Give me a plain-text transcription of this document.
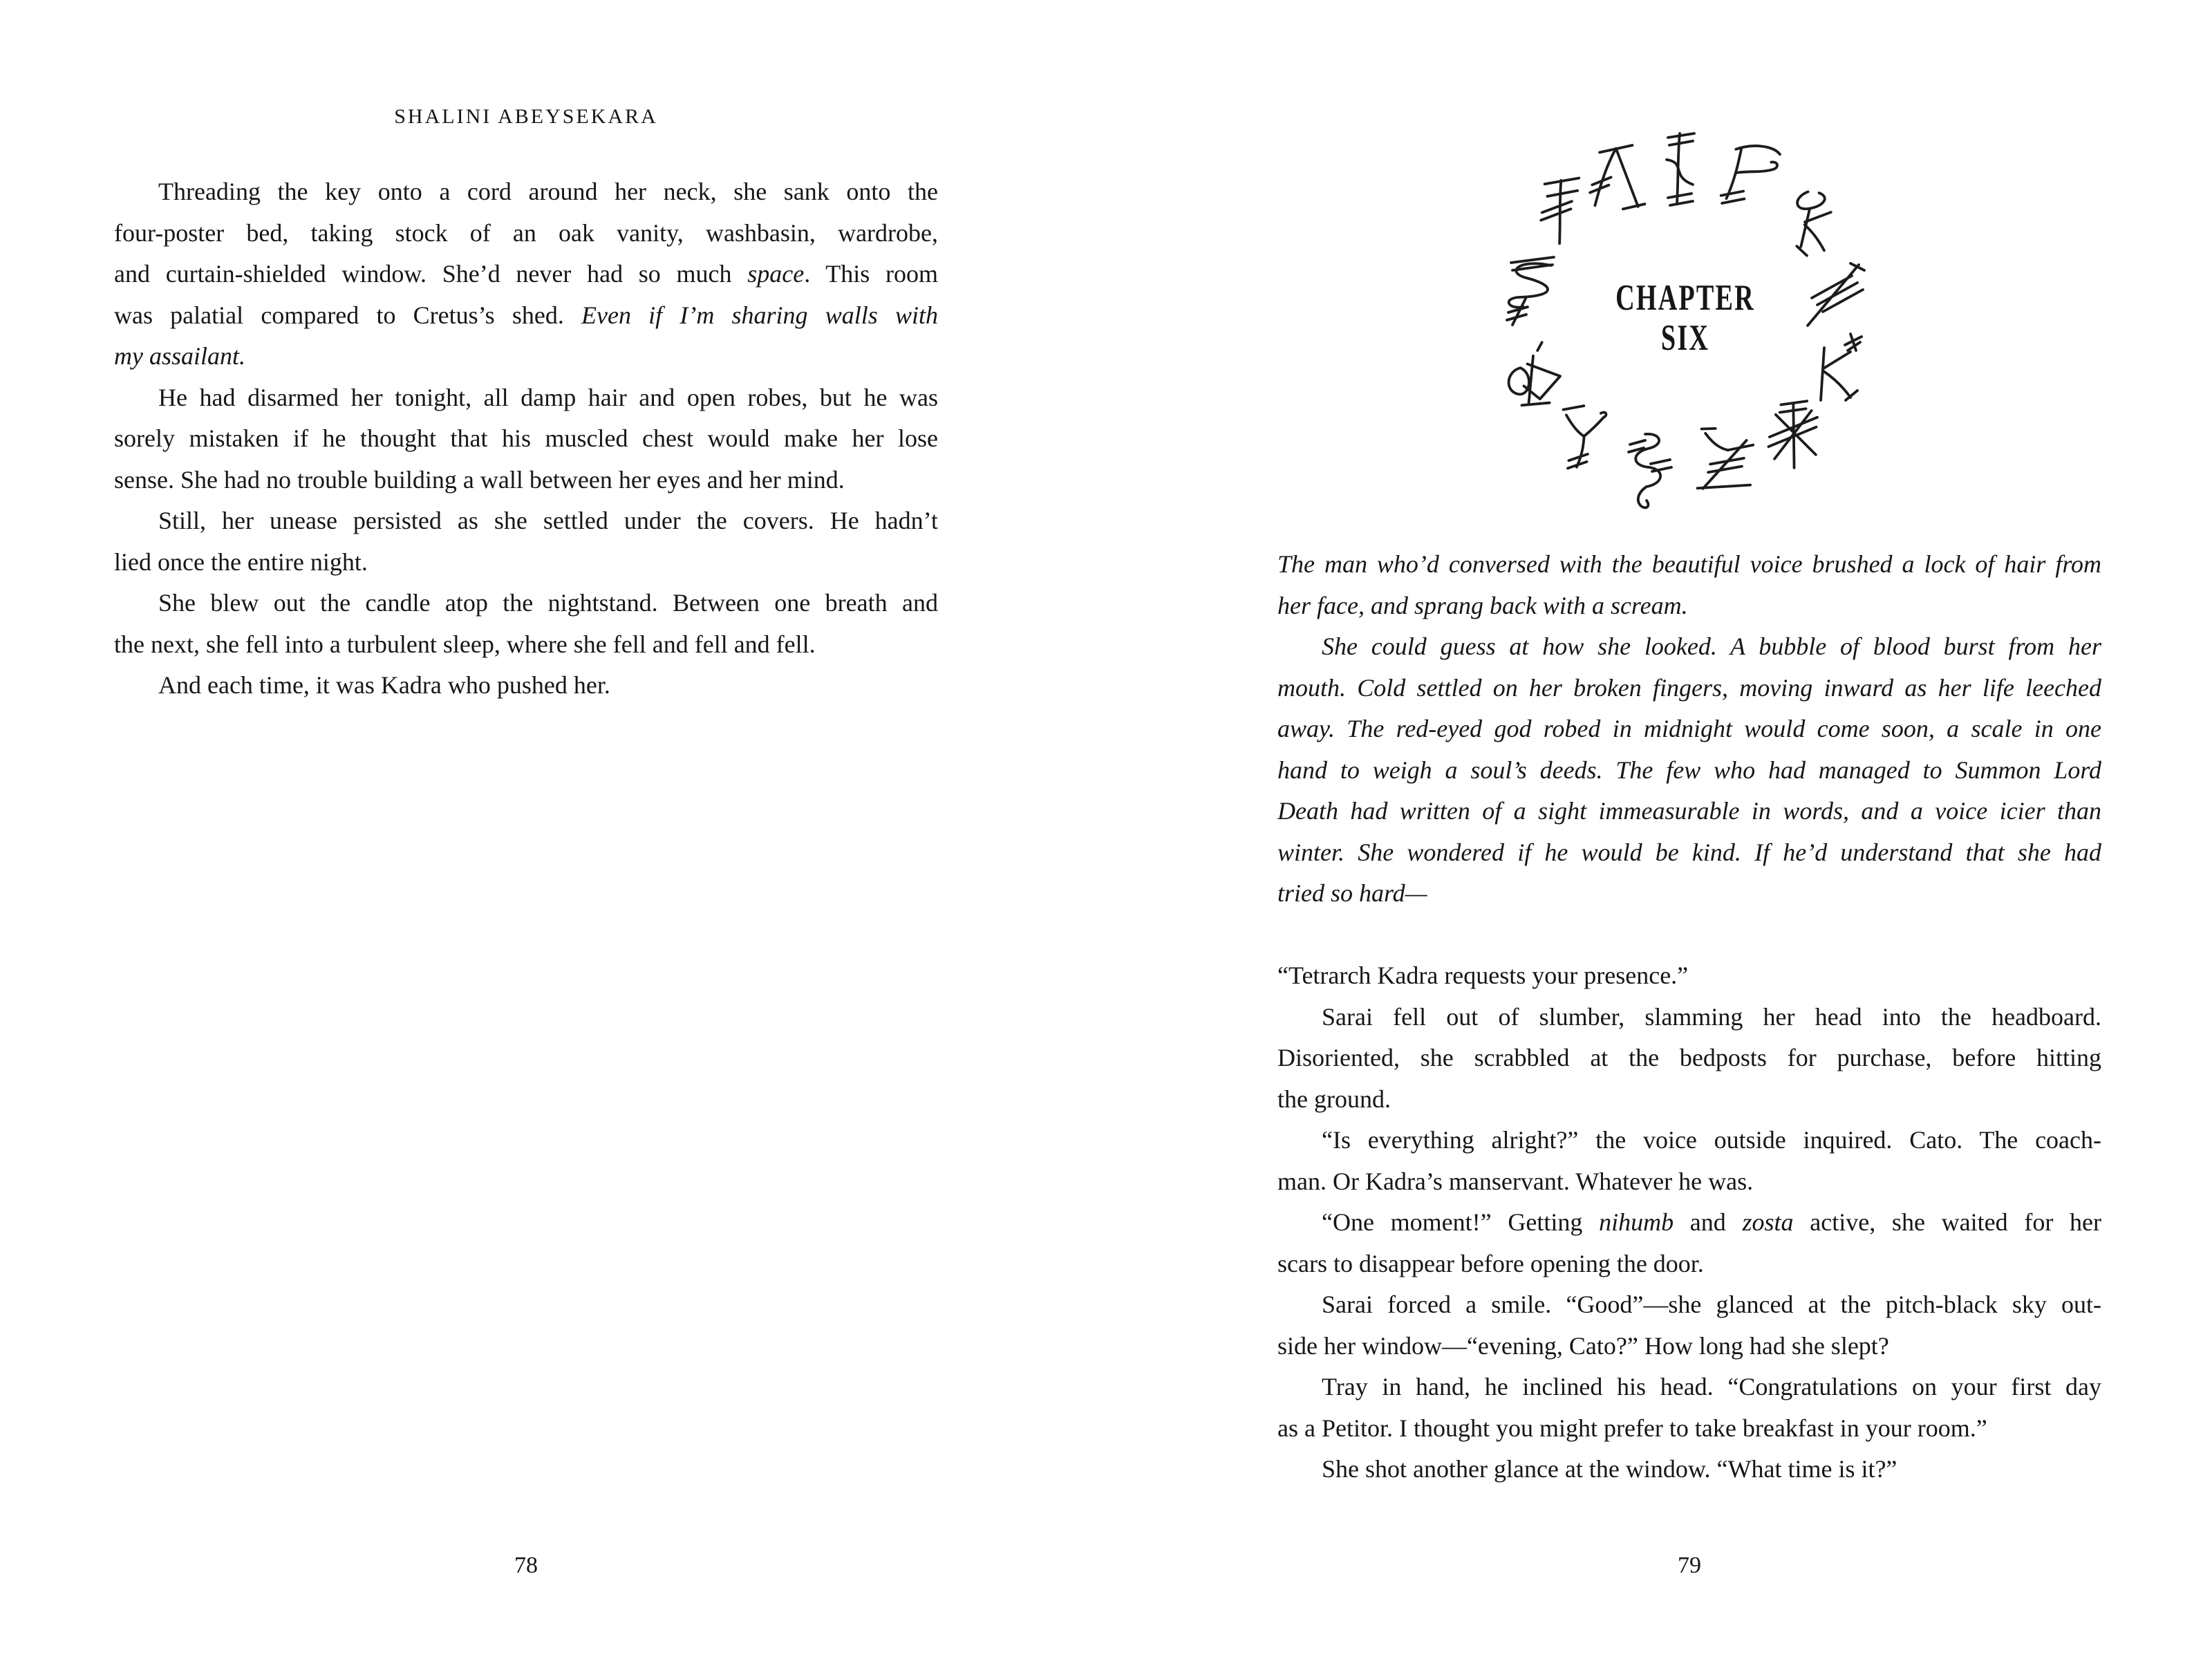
SHALINI ABEYSEKARA
Threading the key onto a cord around her neck, she sank onto the
four-poster bed, taking stock of an oak vanity, washbasin, wardrobe,
and curtain-shielded window. She’d never had so much space. This room
was palatial compared to Cretus’s shed. Even if I’m sharing walls with
my assailant.
He had disarmed her tonight, all damp hair and open robes, but he was
sorely mistaken if he thought that his muscled chest would make her lose
sense. She had no trouble building a wall between her eyes and her mind.
Still, her unease persisted as she settled under the covers. He hadn’t
lied once the entire night.
She blew out the candle atop the nightstand. Between one breath and
the next, she fell into a turbulent sleep, where she fell and fell and fell.
And each time, it was Kadra who pushed her.
78
The man who’d conversed with the beautiful voice brushed a lock of hair from
her face, and sprang back with a scream.
She could guess at how she looked. A bubble of blood burst from her
mouth. Cold settled on her broken fingers, moving inward as her life leeched
away. The red-eyed god robed in midnight would come soon, a scale in one
hand to weigh a soul’s deeds. The few who had managed to Summon Lord
Death had written of a sight immeasurable in words, and a voice icier than
winter. She wondered if he would be kind. If he’d understand that she had
tried so hard—
“Tetrarch Kadra requests your presence.”
Sarai fell out of slumber, slamming her head into the headboard.
Disoriented, she scrabbled at the bedposts for purchase, before hitting
the ground.
“Is everything alright?” the voice outside inquired. Cato. The coach-
man. Or Kadra’s manservant. Whatever he was.
“One moment!” Getting nihumb and zosta active, she waited for her
scars to disappear before opening the door.
Sarai forced a smile. “Good”—she glanced at the pitch-black sky out-
side her window—“evening, Cato?” How long had she slept?
Tray in hand, he inclined his head. “Congratulations on your first day
as a Petitor. I thought you might prefer to take breakfast in your room.”
She shot another glance at the window. “What time is it?”
79
CHAPTER
SIX
